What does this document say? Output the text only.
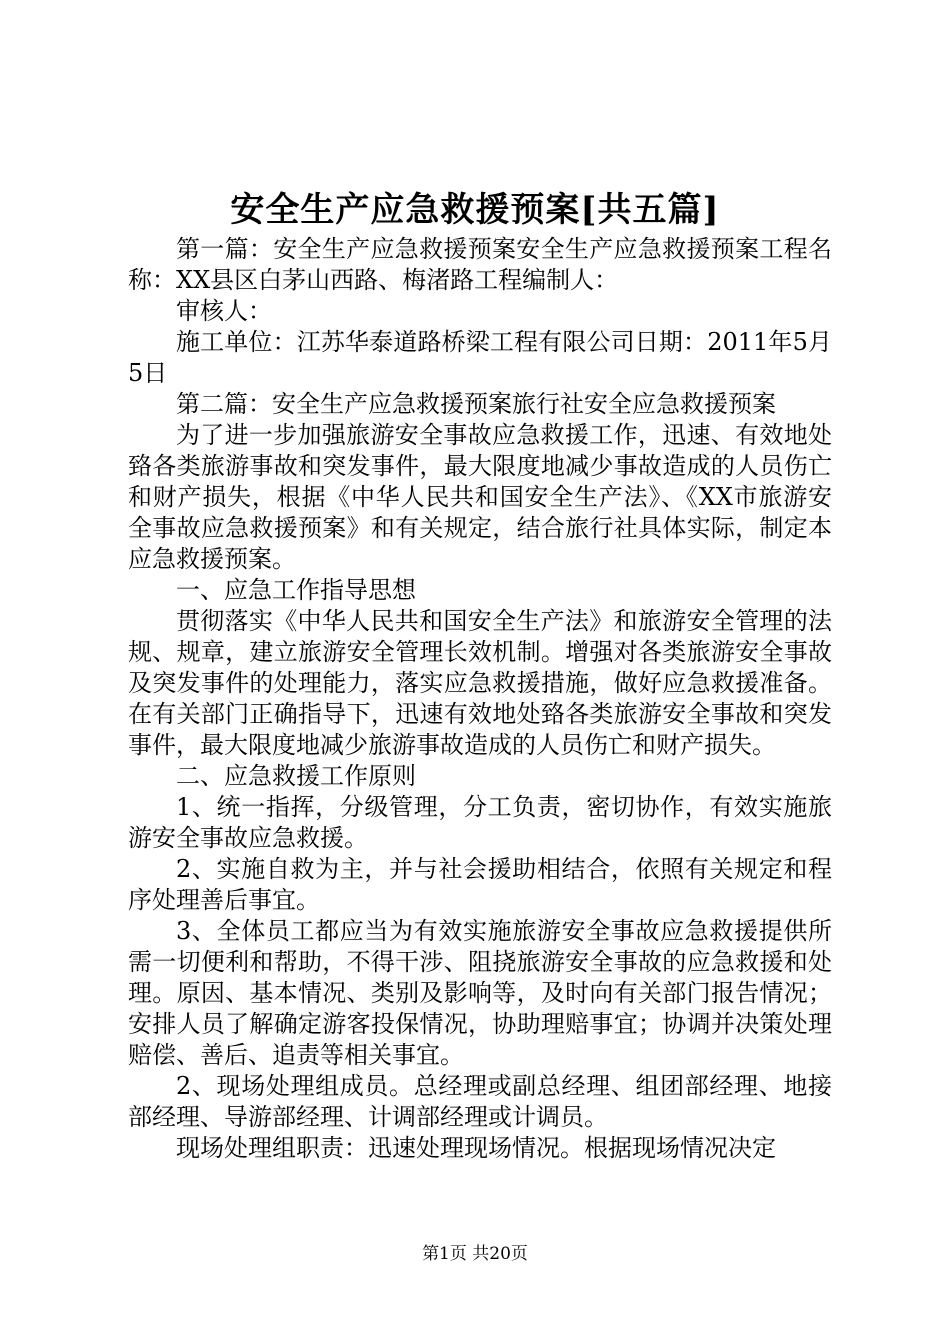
安全生产应急救援预案[共五篇]

第一篇：安全生产应急救援预案安全生产应急救援预案工程名称：XX县区白茅山西路、梅渚路工程编制人：

审核人：

施工单位：江苏华泰道路桥梁工程有限公司日期：2011年5月5日

第二篇：安全生产应急救援预案旅行社安全应急救援预案

为了进一步加强旅游安全事故应急救援工作，迅速、有效地处臵各类旅游事故和突发事件，最大限度地减少事故造成的人员伤亡和财产损失，根据《中华人民共和国安全生产法》、《XX市旅游安全事故应急救援预案》和有关规定，结合旅行社具体实际，制定本应急救援预案。

一、应急工作指导思想

贯彻落实《中华人民共和国安全生产法》和旅游安全管理的法规、规章，建立旅游安全管理长效机制。增强对各类旅游安全事故及突发事件的处理能力，落实应急救援措施，做好应急救援准备。在有关部门正确指导下，迅速有效地处臵各类旅游安全事故和突发事件，最大限度地减少旅游事故造成的人员伤亡和财产损失。

二、应急救援工作原则

1、统一指挥，分级管理，分工负责，密切协作，有效实施旅游安全事故应急救援。

2、实施自救为主，并与社会援助相结合，依照有关规定和程序处理善后事宜。

3、全体员工都应当为有效实施旅游安全事故应急救援提供所需一切便利和帮助，不得干涉、阻挠旅游安全事故的应急救援和处理。原因、基本情况、类别及影响等，及时向有关部门报告情况；安排人员了解确定游客投保情况，协助理赔事宜；协调并决策处理赔偿、善后、追责等相关事宜。

2、现场处理组成员。总经理或副总经理、组团部经理、地接部经理、导游部经理、计调部经理或计调员。

现场处理组职责：迅速处理现场情况。根据现场情况决定

第1页 共20页
